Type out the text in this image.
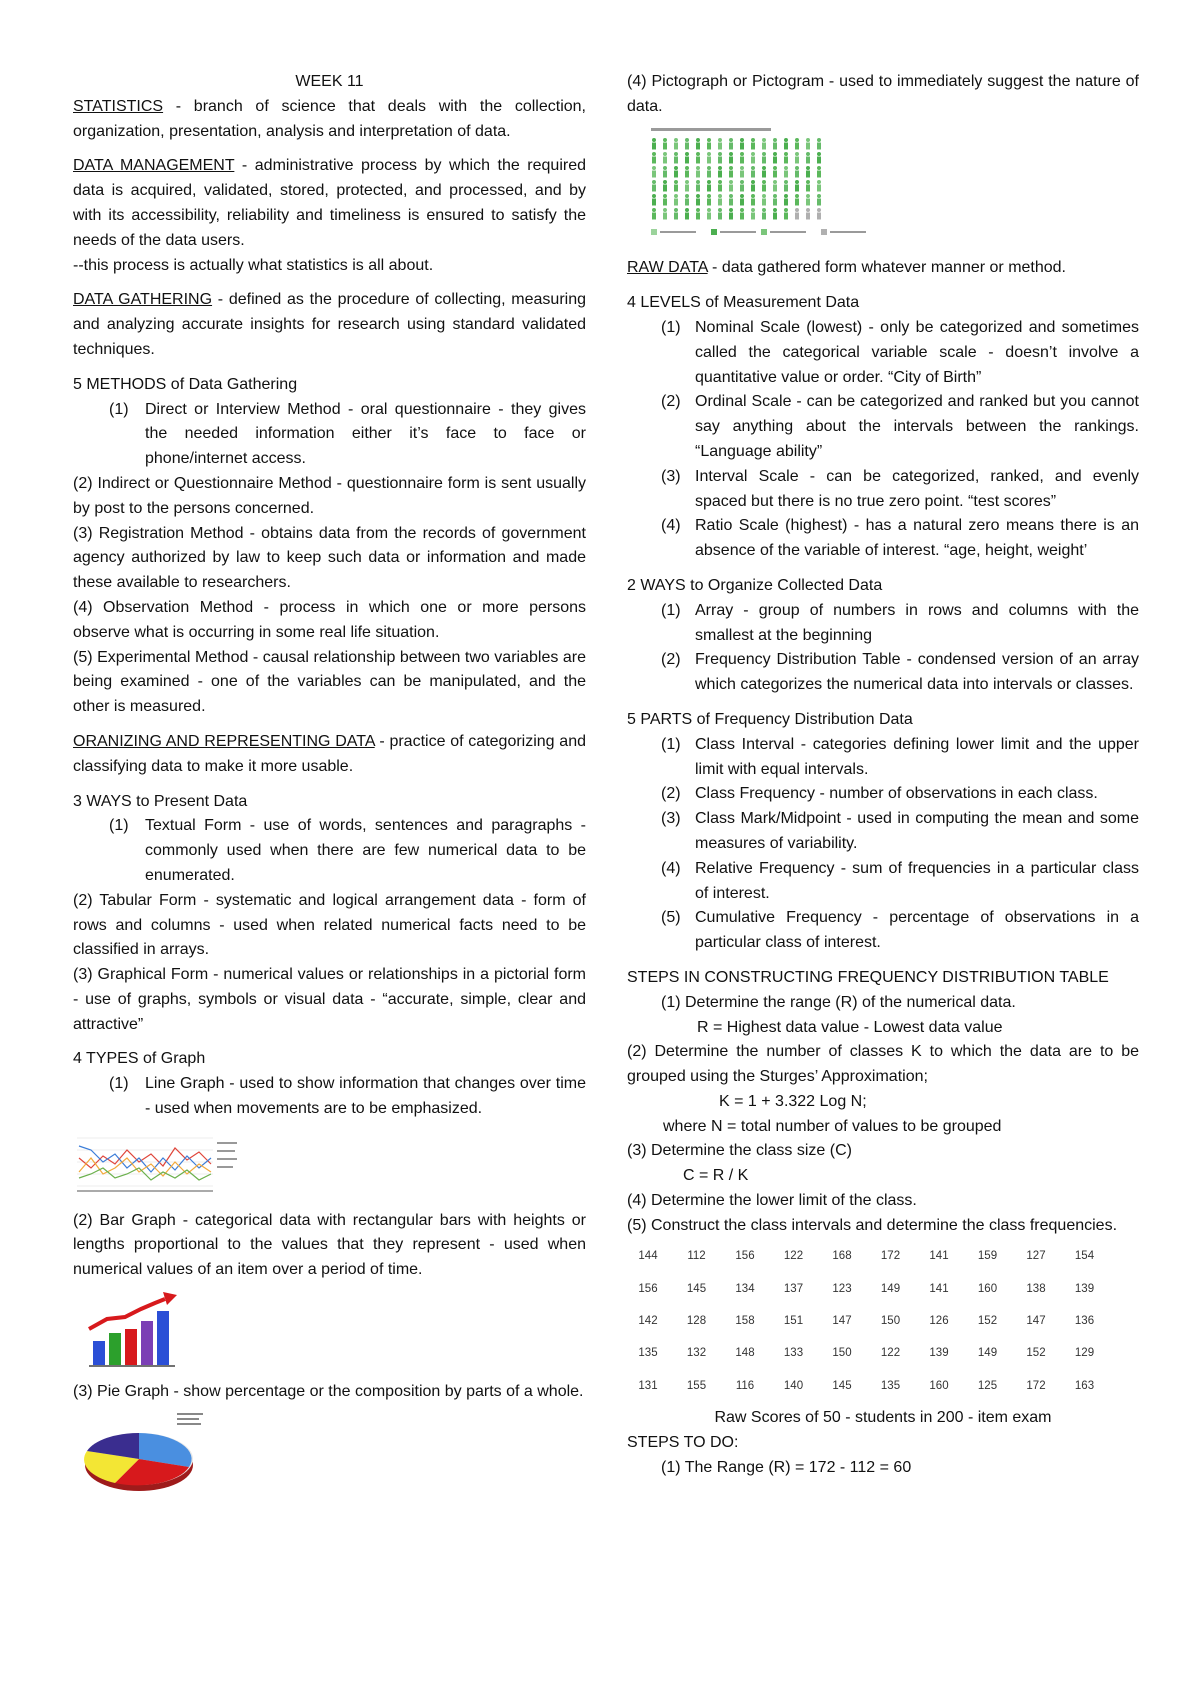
WEEK 11

STATISTICS - branch of science that deals with the collection, organization, presentation, analysis and interpretation of data.

DATA MANAGEMENT - administrative process by which the required data is acquired, validated, stored, protected, and processed, and by with its accessibility, reliability and timeliness is ensured to satisfy the needs of the data users.

--this process is actually what statistics is all about.

DATA GATHERING - defined as the procedure of collecting, measuring and analyzing accurate insights for research using standard validated techniques.

5 METHODS of Data Gathering

(1)	Direct or Interview Method - oral questionnaire - they gives the needed information either it’s face to face or phone/internet access.

(2) Indirect or Questionnaire Method - questionnaire form is sent usually by post to the persons concerned.

(3) Registration Method - obtains data from the records of government agency authorized by law to keep such data or information and made these available to researchers.

(4) Observation Method - process in which one or more persons observe what is occurring in some real life situation.

(5) Experimental Method - causal relationship between two variables are being examined - one of the variables can be manipulated, and the other is measured.

ORANIZING AND REPRESENTING DATA - practice of categorizing and classifying data to make it more usable.

3 WAYS to Present Data

(1)	Textual Form - use of words, sentences and paragraphs - commonly used when there are few numerical data to be enumerated.

(2) Tabular Form - systematic and logical arrangement data - form of rows and columns - used when related numerical facts need to be classified in arrays.

(3) Graphical Form - numerical values or relationships in a pictorial form - use of graphs, symbols or visual data - “accurate, simple, clear and attractive”

4 TYPES of Graph

(1)	Line Graph - used to show information that changes over time - used when movements are to be emphasized.

(2) Bar Graph - categorical data with rectangular bars with heights or lengths proportional to the values that they represent - used when numerical values of an item over a period of time.

(3) Pie Graph - show percentage or the composition by parts of a whole.

(4) Pictograph or Pictogram - used to immediately suggest the nature of data.

RAW DATA - data gathered form whatever manner or method.

4 LEVELS of Measurement Data

(1) Nominal Scale (lowest) - only be categorized and sometimes called the categorical variable scale - doesn’t involve a quantitative value or order. “City of Birth”
(2) Ordinal Scale - can be categorized and ranked but you cannot say anything about the intervals between the rankings. “Language ability”
(3) Interval Scale - can be categorized, ranked, and evenly spaced but there is no true zero point. “test scores”
(4) Ratio Scale (highest) - has a natural zero means there is an absence of the variable of interest. “age, height, weight’

2 WAYS to Organize Collected Data

(1) Array - group of numbers in rows and columns with the smallest at the beginning
(2) Frequency Distribution Table - condensed version of an array which categorizes the numerical data into intervals or classes.

5 PARTS of Frequency Distribution Data

(1) Class Interval - categories defining lower limit and the upper limit with equal intervals.
(2) Class Frequency - number of observations in each class.
(3) Class Mark/Midpoint - used in computing the mean and some measures of variability.
(4) Relative Frequency - sum of frequencies in a particular class of interest.
(5) Cumulative Frequency - percentage of observations in a particular class of interest.

STEPS IN CONSTRUCTING FREQUENCY DISTRIBUTION TABLE

(1) Determine the range (R) of the numerical data.

R = Highest data value - Lowest data value

(2) Determine the number of classes K to which the data are to be grouped using the Sturges’ Approximation;

K = 1 + 3.322 Log N;

where N = total number of values to be grouped

(3) Determine the class size (C)

C = R / K

(4) Determine the lower limit of the class.

(5) Construct the class intervals and determine the class frequencies.

144	112	156	122	168	172	141	159	127	154
156	145	134	137	123	149	141	160	138	139
142	128	158	151	147	150	126	152	147	136
135	132	148	133	150	122	139	149	152	129
131	155	116	140	145	135	160	125	172	163

Raw Scores of 50 - students in 200 - item exam

STEPS TO DO:

(1) The Range (R) = 172 - 112 = 60
